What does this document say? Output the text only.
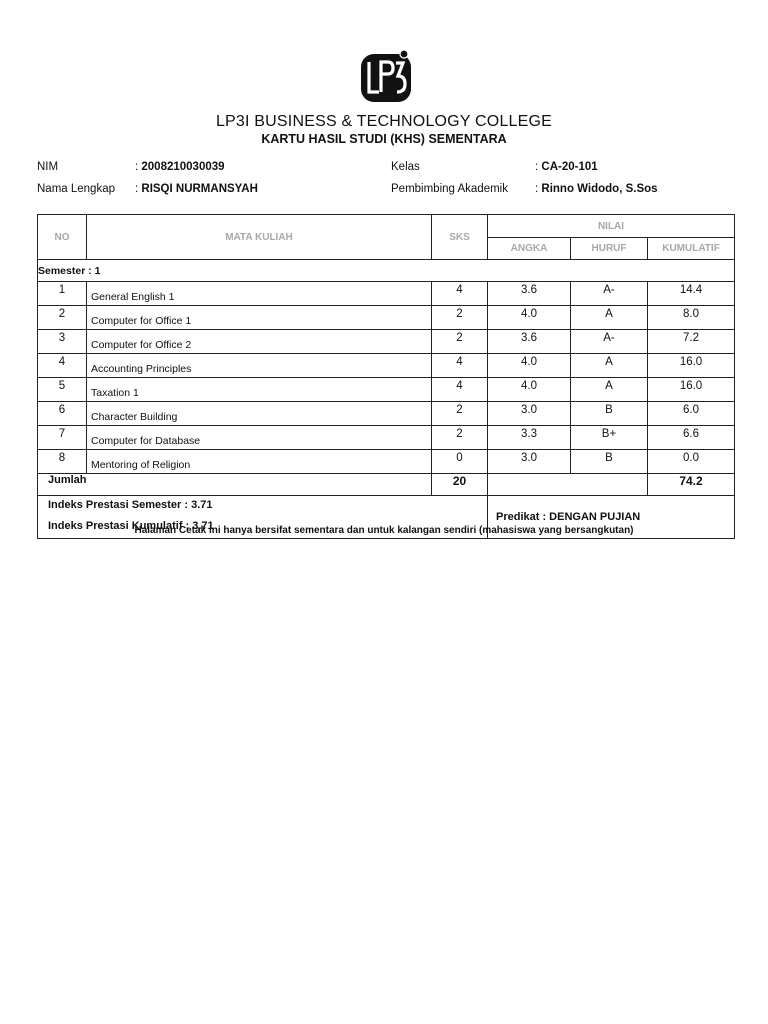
LP3I BUSINESS & TECHNOLOGY COLLEGE
KARTU HASIL STUDI (KHS) SEMENTARA
NIM	: 2008210030039
Nama Lengkap : RISQI NURMANSYAH
Kelas	: CA-20-101
Pembimbing Akademik : Rinno Widodo, S.Sos
NO	MATA KULIAH	SKS	NILAI		
			ANGKA	HURUF	KUMULATIF
Semester : 1					
1	General English 1	4	3.6	A-	14.4
2	Computer for Office 1	2	4.0	A	8.0
3	Computer for Office 2	2	3.6	A-	7.2
4	Accounting Principles	4	4.0	A	16.0
5	Taxation 1	4	4.0	A	16.0
6	Character Building	2	3.0	B	6.0
7	Computer for Database	2	3.3	B+	6.6
8	Mentoring of Religion	0	3.0	B	0.0
Jumlah		20			74.2

Indeks Prestasi Semester : 3.71
Indeks Prestasi Kumulatif : 3.71			Predikat : DENGAN PUJIAN		
Halaman Cetak ini hanya bersifat sementara dan untuk kalangan sendiri (mahasiswa yang bersangkutan)
